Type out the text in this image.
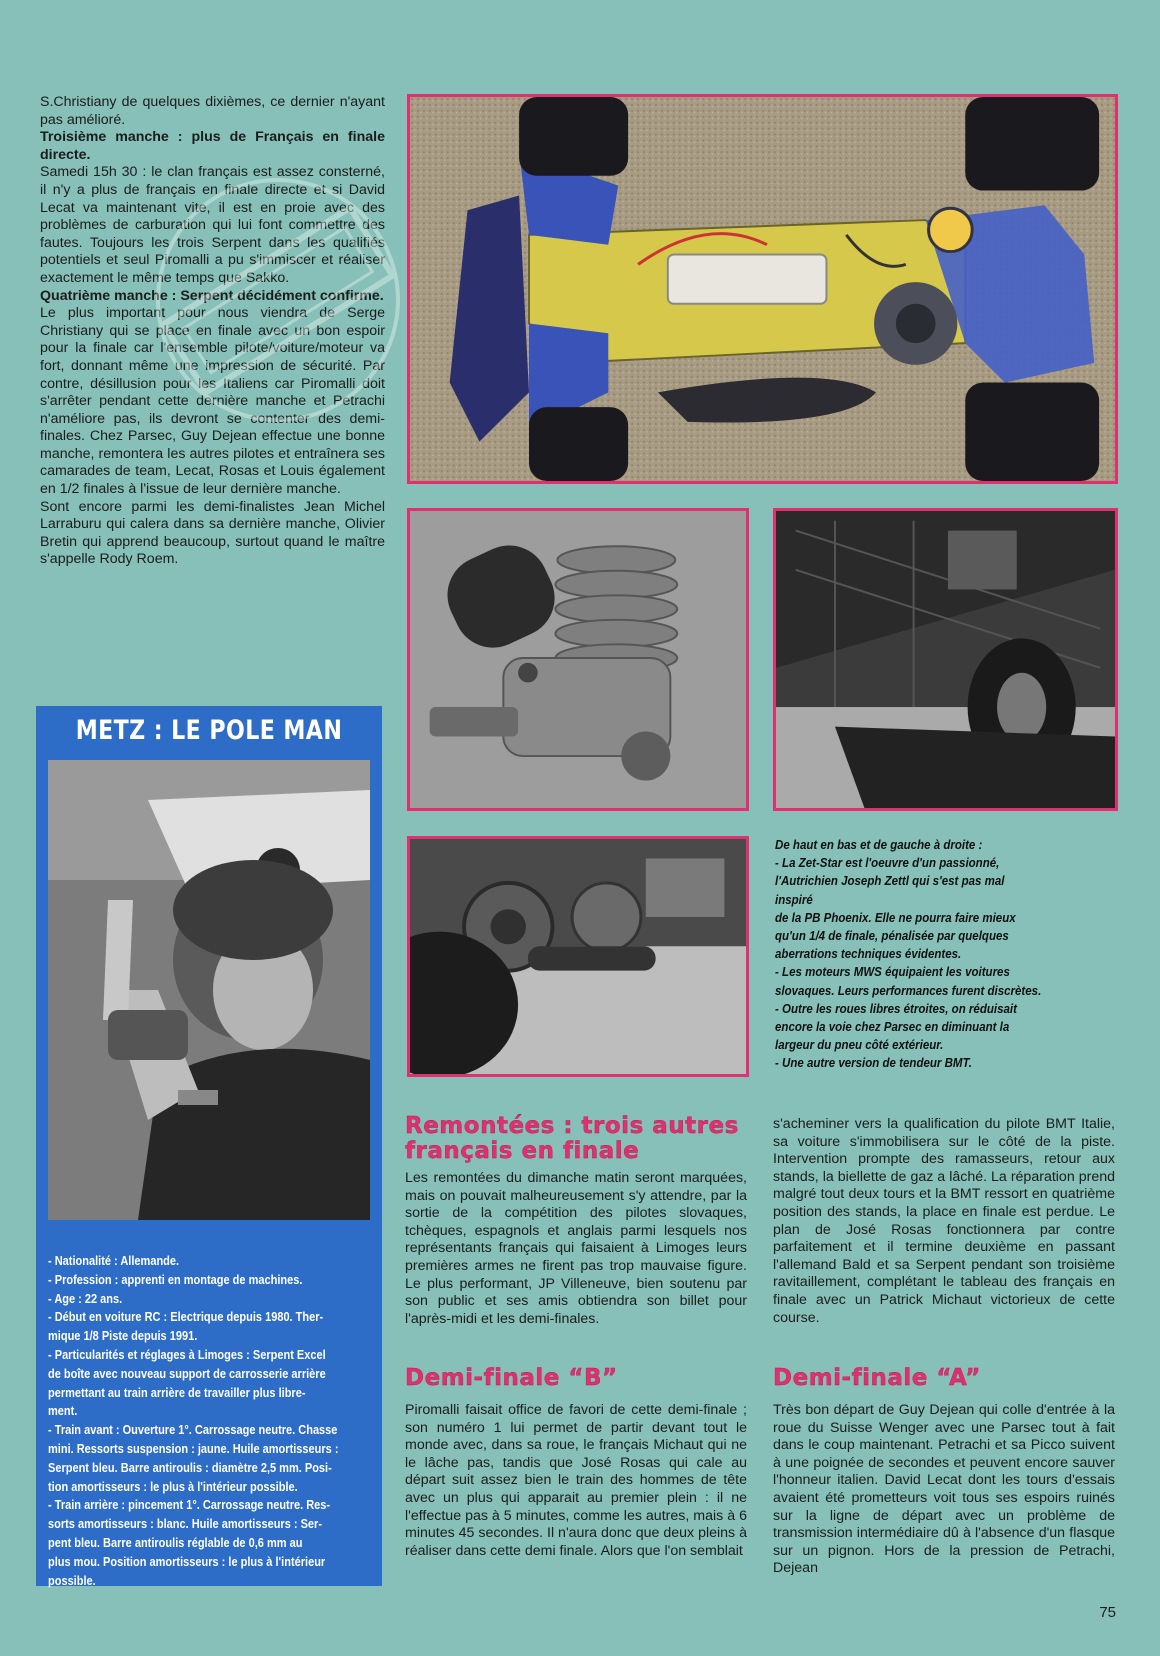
S.Christiany de quelques dixièmes, ce dernier n'ayant pas amélioré.

Troisième manche : plus de Français en finale directe.

Samedi 15h 30 : le clan français est assez consterné, il n'y a plus de français en finale directe et si David Lecat va maintenant vite, il est en proie avec des problèmes de carburation qui lui font commettre des fautes. Toujours les trois Serpent dans les qualifiés potentiels et seul Piromalli a pu s'immiscer et réaliser exactement le même temps que Sakko.

Quatrième manche : Serpent décidément confirme.

Le plus important pour nous viendra de Serge Christiany qui se place en finale avec un bon espoir pour la finale car l'ensemble pilote/voiture/moteur va fort, donnant même une impression de sécurité. Par contre, désillusion pour les Italiens car Piromalli doit s'arrêter pendant cette dernière manche et Petrachi n'améliore pas, ils devront se contenter des demi-finales. Chez Parsec, Guy Dejean effectue une bonne manche, remontera les autres pilotes et entraînera ses camarades de team, Lecat, Rosas et Louis également en 1/2 finales à l'issue de leur dernière manche.

Sont encore parmi les demi-finalistes Jean Michel Larraburu qui calera dans sa dernière manche, Olivier Bretin qui apprend beaucoup, surtout quand le maître s'appelle Rody Roem.

De haut en bas et de gauche à droite :
- La Zet-Star est l'oeuvre d'un passionné,
l'Autrichien Joseph Zettl qui s'est pas mal
inspiré
de la PB Phoenix. Elle ne pourra faire mieux
qu'un 1/4 de finale, pénalisée par quelques
aberrations techniques évidentes.
- Les moteurs MWS équipaient les voitures
slovaques. Leurs performances furent discrètes.
- Outre les roues libres étroites, on réduisait
encore la voie chez Parsec en diminuant la
largeur du pneu côté extérieur.
- Une autre version de tendeur BMT.
METZ : LE POLE MAN
- Nationalité : Allemande.
- Profession : apprenti en montage de machines.
- Age : 22 ans.
- Début en voiture RC : Electrique depuis 1980. Ther-
mique 1/8 Piste depuis 1991.
- Particularités et réglages à Limoges : Serpent Excel
de boîte avec nouveau support de carrosserie arrière
permettant au train arrière de travailler plus libre-
ment.
- Train avant : Ouverture 1°. Carrossage neutre. Chasse
mini. Ressorts suspension : jaune. Huile amortisseurs :
Serpent bleu. Barre antiroulis : diamètre 2,5 mm. Posi-
tion amortisseurs : le plus à l'intérieur possible.
- Train arrière : pincement 1°. Carrossage neutre. Res-
sorts amortisseurs : blanc. Huile amortisseurs : Ser-
pent bleu. Barre antiroulis réglable de 0,6 mm au
plus mou. Position amortisseurs : le plus à l'intérieur
possible.
Remontées : trois autres
français en finale

Les remontées du dimanche matin seront marquées, mais on pouvait malheureusement s'y attendre, par la sortie de la compétition des pilotes slovaques, tchèques, espagnols et anglais parmi lesquels nos représentants français qui faisaient à Limoges leurs premières armes ne firent pas trop mauvaise figure. Le plus performant, JP Villeneuve, bien soutenu par son public et ses amis obtiendra son billet pour l'après-midi et les demi-finales.

s'acheminer vers la qualification du pilote BMT Italie, sa voiture s'immobilisera sur le côté de la piste. Intervention prompte des ramasseurs, retour aux stands, la biellette de gaz a lâché. La réparation prend malgré tout deux tours et la BMT ressort en quatrième position des stands, la place en finale est perdue. Le plan de José Rosas fonctionnera par contre parfaitement et il termine deuxième en passant l'allemand Bald et sa Serpent pendant son troisième ravitaillement, complétant le tableau des français en finale avec un Patrick Michaut victorieux de cette course.

Demi-finale “B”

Piromalli faisait office de favori de cette demi-finale ; son numéro 1 lui permet de partir devant tout le monde avec, dans sa roue, le français Michaut qui ne le lâche pas, tandis que José Rosas qui cale au départ suit assez bien le train des hommes de tête avec un plus qui apparait au premier plein : il ne l'effectue pas à 5 minutes, comme les autres, mais à 6 minutes 45 secondes. Il n'aura donc que deux pleins à réaliser dans cette demi finale. Alors que l'on semblait

Demi-finale “A”

Très bon départ de Guy Dejean qui colle d'entrée à la roue du Suisse Wenger avec une Parsec tout à fait dans le coup maintenant. Petrachi et sa Picco suivent à une poignée de secondes et peuvent encore sauver l'honneur italien. David Lecat dont les tours d'essais avaient été prometteurs voit tous ses espoirs ruinés sur la ligne de départ avec un problème de transmission intermédiaire dû à l'absence d'un flasque sur un pignon. Hors de la pression de Petrachi, Dejean

75
